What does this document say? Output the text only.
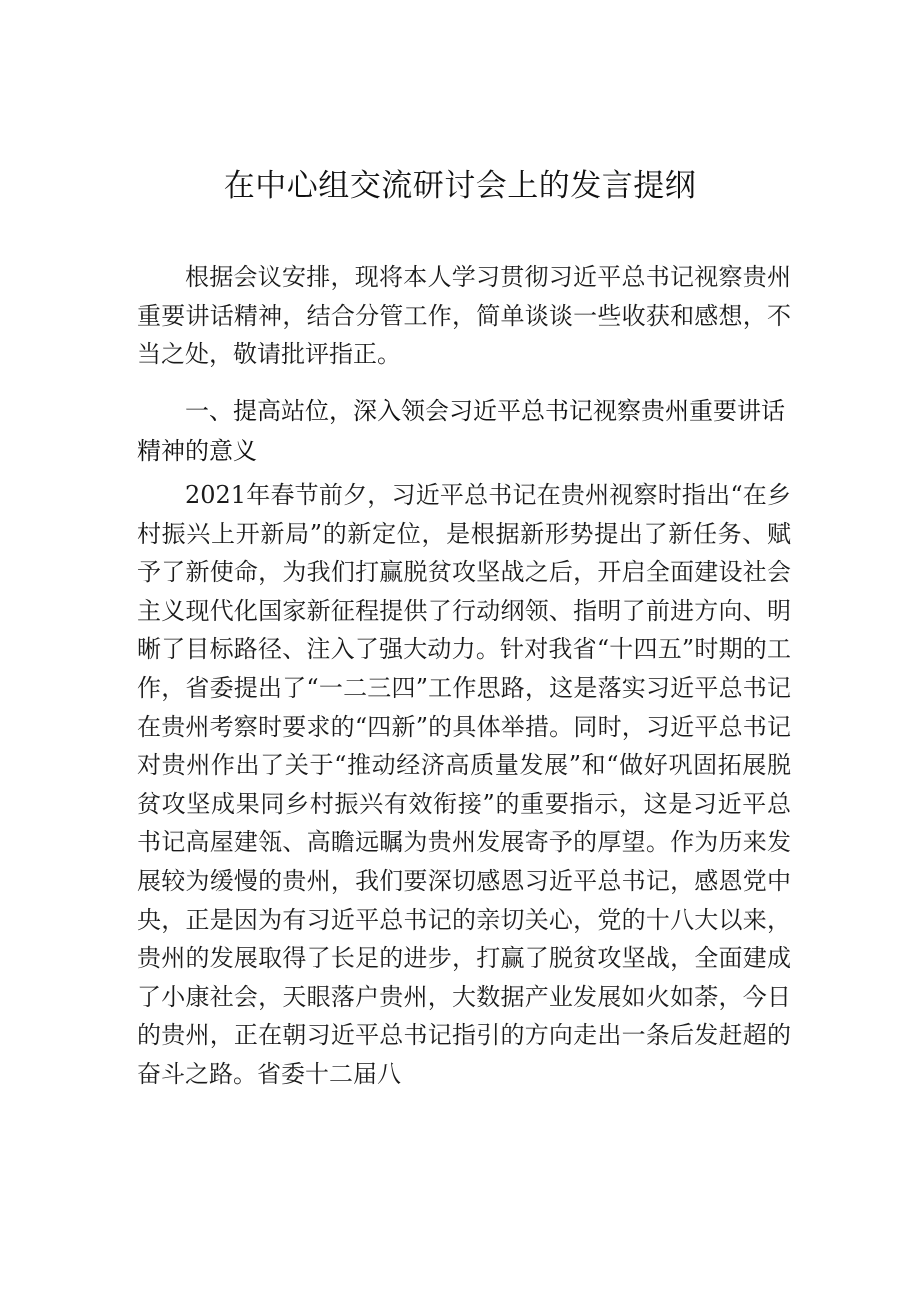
在中心组交流研讨会上的发言提纲

根据会议安排，现将本人学习贯彻习近平总书记视察贵州重要讲话精神，结合分管工作，简单谈谈一些收获和感想，不当之处，敬请批评指正。

一、提高站位，深入领会习近平总书记视察贵州重要讲话精神的意义

2021年春节前夕，习近平总书记在贵州视察时指出“在乡村振兴上开新局”的新定位，是根据新形势提出了新任务、赋予了新使命，为我们打赢脱贫攻坚战之后，开启全面建设社会主义现代化国家新征程提供了行动纲领、指明了前进方向、明晰了目标路径、注入了强大动力。针对我省“十四五”时期的工作，省委提出了“一二三四”工作思路，这是落实习近平总书记在贵州考察时要求的“四新”的具体举措。同时，习近平总书记对贵州作出了关于“推动经济高质量发展”和“做好巩固拓展脱贫攻坚成果同乡村振兴有效衔接”的重要指示，这是习近平总书记高屋建瓴、高瞻远瞩为贵州发展寄予的厚望。作为历来发展较为缓慢的贵州，我们要深切感恩习近平总书记，感恩党中央，正是因为有习近平总书记的亲切关心，党的十八大以来，贵州的发展取得了长足的进步，打赢了脱贫攻坚战，全面建成了小康社会，天眼落户贵州，大数据产业发展如火如荼，今日的贵州，正在朝习近平总书记指引的方向走出一条后发赶超的奋斗之路。省委十二届八
